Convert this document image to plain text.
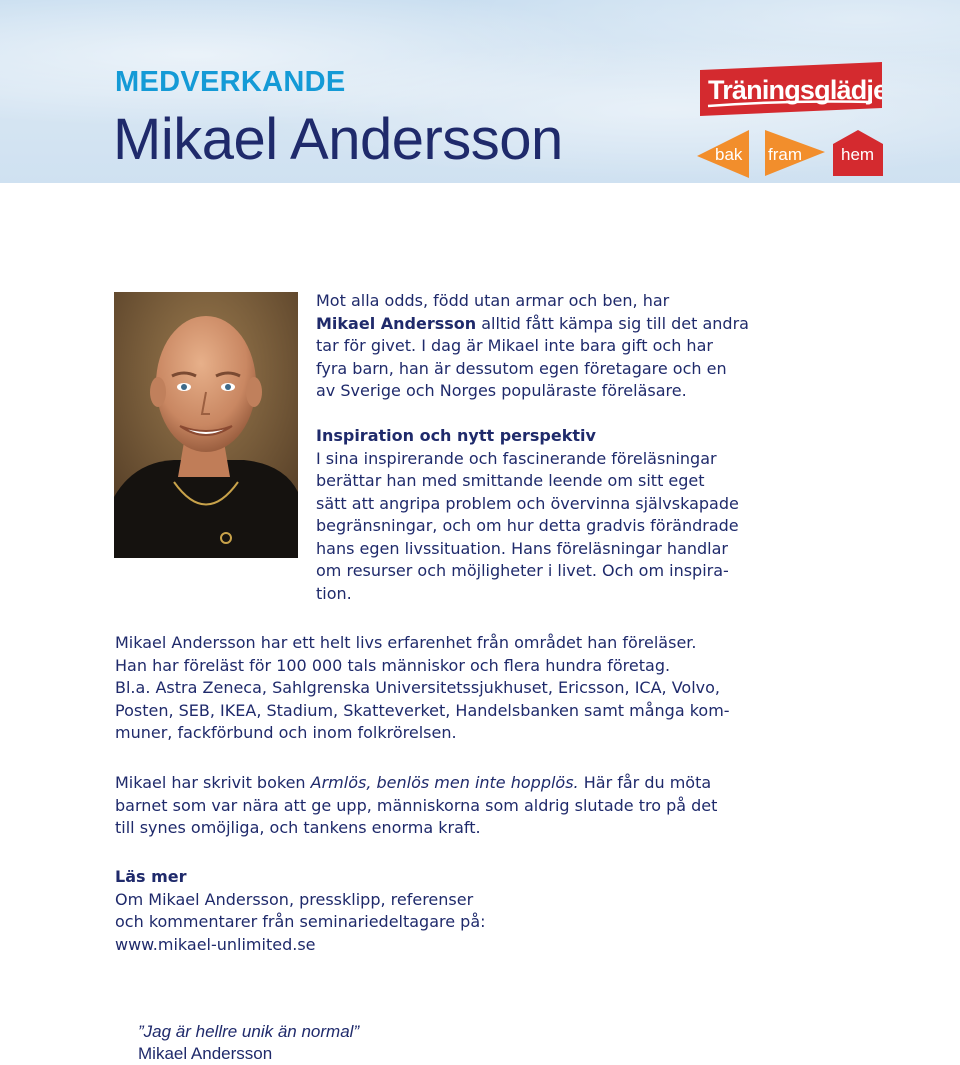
MEDVERKANDE
Mikael Andersson
Träningsglädje
bak fram hem
Mot alla odds, född utan armar och ben, har
Mikael Andersson alltid fått kämpa sig till det andra
tar för givet. I dag är Mikael inte bara gift och har
fyra barn, han är dessutom egen företagare och en
av Sverige och Norges populäraste föreläsare.
Inspiration och nytt perspektiv
I sina inspirerande och fascinerande föreläsningar
berättar han med smittande leende om sitt eget
sätt att angripa problem och övervinna självskapade
begränsningar, och om hur detta gradvis förändrade
hans egen livssituation. Hans föreläsningar handlar
om resurser och möjligheter i livet. Och om inspira-
tion.
Mikael Andersson har ett helt livs erfarenhet från området han föreläser.
Han har föreläst för 100 000 tals människor och flera hundra företag.
Bl.a. Astra Zeneca, Sahlgrenska Universitetssjukhuset, Ericsson, ICA, Volvo,
Posten, SEB, IKEA, Stadium, Skatteverket, Handelsbanken samt många kom-
muner, fackförbund och inom folkrörelsen.
Mikael har skrivit boken Armlös, benlös men inte hopplös. Här får du möta
barnet som var nära att ge upp, människorna som aldrig slutade tro på det
till synes omöjliga, och tankens enorma kraft.
Läs mer
Om Mikael Andersson, pressklipp, referenser
och kommentarer från seminariedeltagare på:
www.mikael-unlimited.se
”Jag är hellre unik än normal”
Mikael Andersson
